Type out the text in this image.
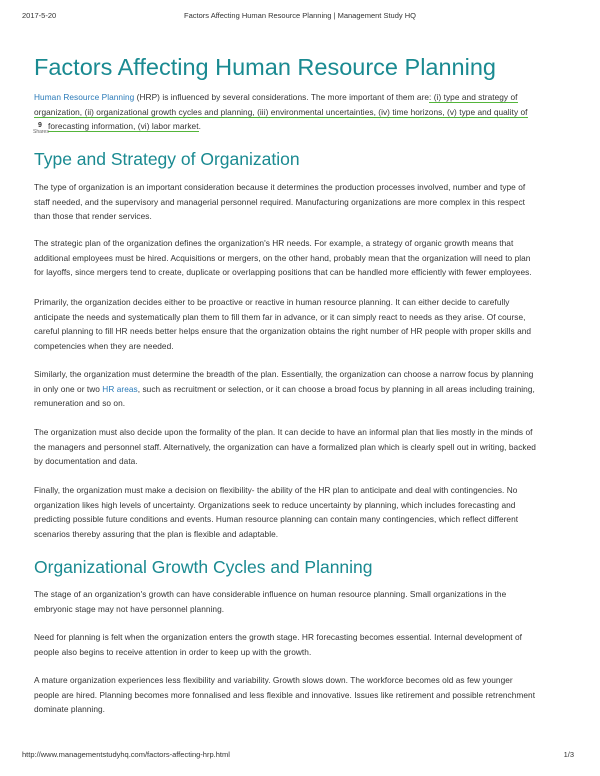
2017-5-20	Factors Affecting Human Resource Planning | Management Study HQ
Factors Affecting Human Resource Planning
Human Resource Planning (HRP) is influenced by several considerations. The more important of them are: (i) type and strategy of
organization, (ii) organizational growth cycles and planning, (iii) environmental uncertainties, (iv) time horizons, (v) type and quality of
forecasting information, (vi) labor market.
9
Shares
Type and Strategy of Organization
The type of organization is an important consideration because it determines the production processes involved, number and type of
staff needed, and the supervisory and managerial personnel required. Manufacturing organizations are more complex in this respect
than those that render services.
The strategic plan of the organization defines the organization's HR needs. For example, a strategy of organic growth means that
additional employees must be hired. Acquisitions or mergers, on the other hand, probably mean that the organization will need to plan
for layoffs, since mergers tend to create, duplicate or overlapping positions that can be handled more efficiently with fewer employees.
Primarily, the organization decides either to be proactive or reactive in human resource planning. It can either decide to carefully
anticipate the needs and systematically plan them to fill them far in advance, or it can simply react to needs as they arise. Of course,
careful planning to fill HR needs better helps ensure that the organization obtains the right number of HR people with proper skills and
competencies when they are needed.
Similarly, the organization must determine the breadth of the plan. Essentially, the organization can choose a narrow focus by planning
in only one or two HR areas, such as recruitment or selection, or it can choose a broad focus by planning in all areas including training,
remuneration and so on.
The organization must also decide upon the formality of the plan. It can decide to have an informal plan that lies mostly in the minds of
the managers and personnel staff. Alternatively, the organization can have a formalized plan which is clearly spell out in writing, backed
by documentation and data.
Finally, the organization must make a decision on flexibility- the ability of the HR plan to anticipate and deal with contingencies. No
organization likes high levels of uncertainty. Organizations seek to reduce uncertainty by planning, which includes forecasting and
predicting possible future conditions and events. Human resource planning can contain many contingencies, which reflect different
scenarios thereby assuring that the plan is flexible and adaptable.
Organizational Growth Cycles and Planning
The stage of an organization's growth can have considerable influence on human resource planning. Small organizations in the
embryonic stage may not have personnel planning.
Need for planning is felt when the organization enters the growth stage. HR forecasting becomes essential. Internal development of
people also begins to receive attention in order to keep up with the growth.
A mature organization experiences less flexibility and variability. Growth slows down. The workforce becomes old as few younger
people are hired. Planning becomes more fonnalised and less flexible and innovative. Issues like retirement and possible retrenchment
dominate planning.
http://www.managementstudyhq.com/factors-affecting-hrp.html	1/3
